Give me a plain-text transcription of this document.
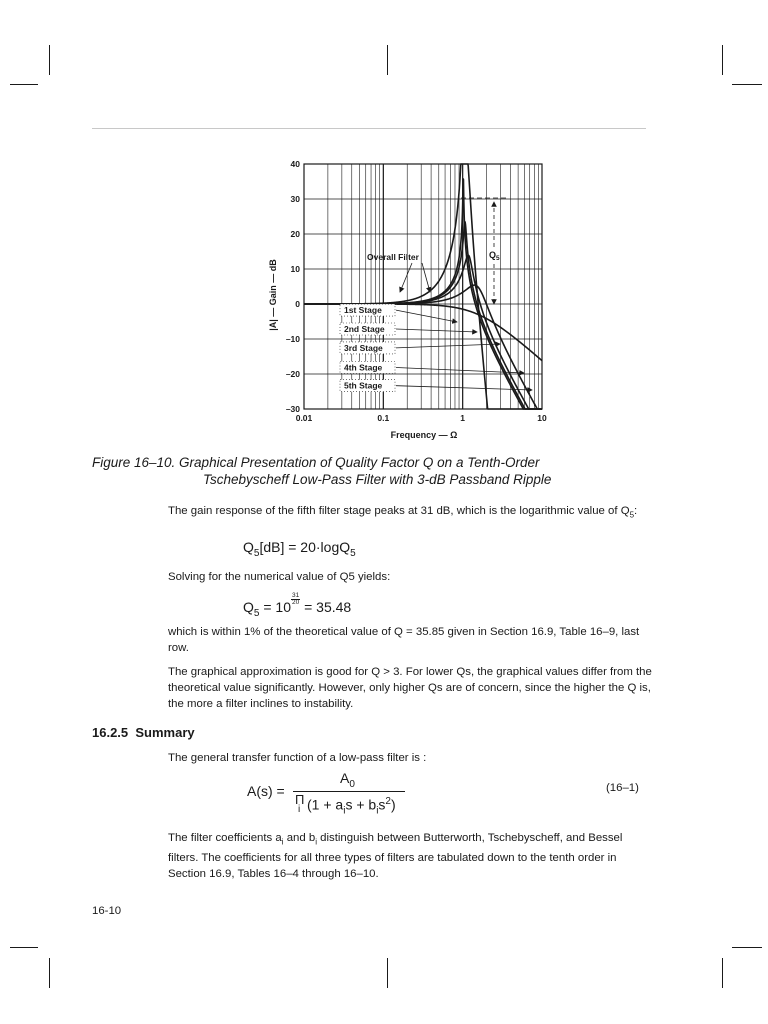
0.01	0.1	1	10
40
30
20
10
0
–10
–20
–30
Overall Filter	$Q_5$
1st Stage
2nd Stage
3rd Stage
4th Stage
5th Stage
Frequency — Ω
|A| — Gain — dB
Figure 16–10. Graphical Presentation of Quality Factor Q on a Tenth-Order
Tschebyscheff Low-Pass Filter with 3-dB Passband Ripple

The gain response of the fifth filter stage peaks at 31 dB, which is the logarithmic value of $Q_5$:

$Q_5[dB] = 20\cdot\log Q_5$

Solving for the numerical value of Q5 yields:

$Q_5 = 10 \frac{31}{20} = 35.48$

which is within 1% of the theoretical value of Q = 35.85 given in Section 16.9, Table 16–9, last row.

The graphical approximation is good for Q > 3. For lower Qs, the graphical values differ from the theoretical value significantly. However, only higher Qs are of concern, since the higher the Q is, the more a filter inclines to instability.

16.2.5 Summary

The general transfer function of a low-pass filter is :

A(s) =
$A_0$
Π
i $(1 + a_is + b_is^2)$
(16–1)

The filter coefficients $a_i$ and $b_i$ distinguish between Butterworth, Tschebyscheff, and Bessel filters. The coefficients for all three types of filters are tabulated down to the tenth order in Section 16.9, Tables 16–4 through 16–10.

16-10
